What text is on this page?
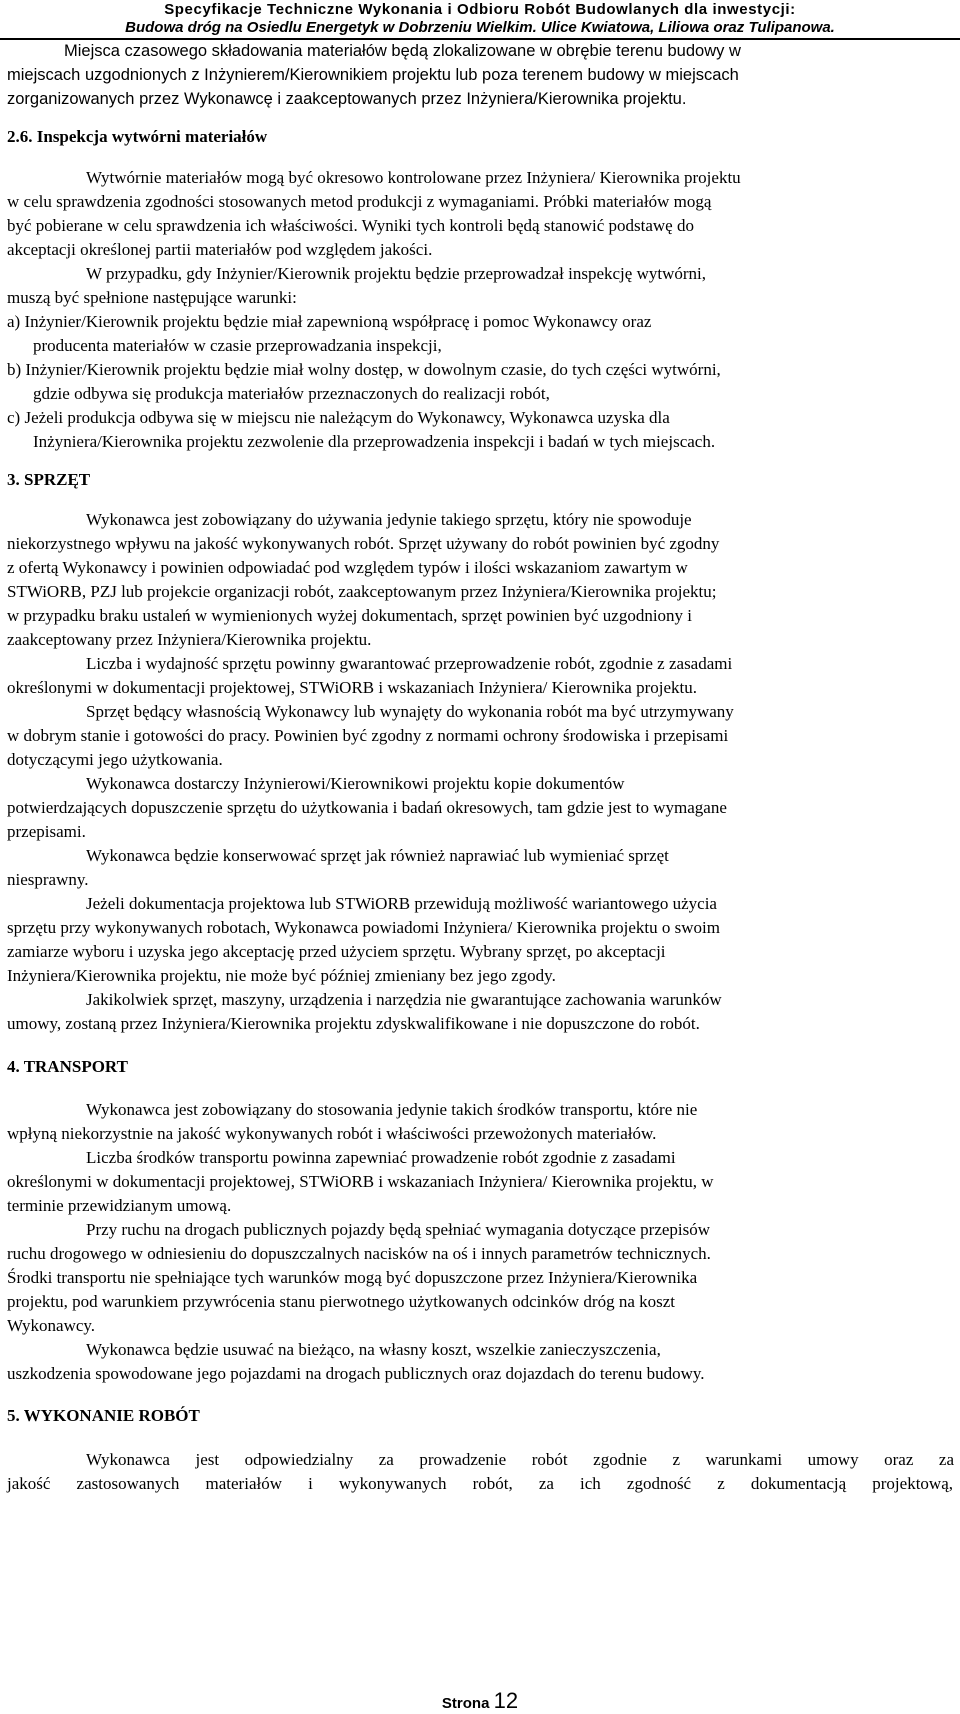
Specyfikacje Techniczne Wykonania i Odbioru Robót Budowlanych dla inwestycji:
Budowa dróg na Osiedlu Energetyk w Dobrzeniu Wielkim. Ulice Kwiatowa, Liliowa oraz Tulipanowa.
Miejsca czasowego składowania materiałów będą zlokalizowane w obrębie terenu budowy w
miejscach uzgodnionych z Inżynierem/Kierownikiem projektu lub poza terenem budowy w miejscach
zorganizowanych przez Wykonawcę i zaakceptowanych przez Inżyniera/Kierownika projektu.
2.6. Inspekcja wytwórni materiałów
Wytwórnie materiałów mogą być okresowo kontrolowane przez Inżyniera/ Kierownika projektu
w celu sprawdzenia zgodności stosowanych metod produkcji z wymaganiami. Próbki materiałów mogą
być pobierane w celu sprawdzenia ich właściwości. Wyniki tych kontroli będą stanowić podstawę do
akceptacji określonej partii materiałów pod względem jakości.
W przypadku, gdy Inżynier/Kierownik projektu będzie przeprowadzał inspekcję wytwórni,
muszą być spełnione następujące warunki:
a) Inżynier/Kierownik projektu będzie miał zapewnioną współpracę i pomoc Wykonawcy oraz
producenta materiałów w czasie przeprowadzania inspekcji,
b) Inżynier/Kierownik projektu będzie miał wolny dostęp, w dowolnym czasie, do tych części wytwórni,
gdzie odbywa się produkcja materiałów przeznaczonych do realizacji robót,
c) Jeżeli produkcja odbywa się w miejscu nie należącym do Wykonawcy, Wykonawca uzyska dla
Inżyniera/Kierownika projektu zezwolenie dla przeprowadzenia inspekcji i badań w tych miejscach.
3. SPRZĘT
Wykonawca jest zobowiązany do używania jedynie takiego sprzętu, który nie spowoduje
niekorzystnego wpływu na jakość wykonywanych robót. Sprzęt używany do robót powinien być zgodny
z ofertą Wykonawcy i powinien odpowiadać pod względem typów i ilości wskazaniom zawartym w
STWiORB, PZJ lub projekcie organizacji robót, zaakceptowanym przez Inżyniera/Kierownika projektu;
w przypadku braku ustaleń w wymienionych wyżej dokumentach, sprzęt powinien być uzgodniony i
zaakceptowany przez Inżyniera/Kierownika projektu.
Liczba i wydajność sprzętu powinny gwarantować przeprowadzenie robót, zgodnie z zasadami
określonymi w dokumentacji projektowej, STWiORB i wskazaniach Inżyniera/ Kierownika projektu.
Sprzęt będący własnością Wykonawcy lub wynajęty do wykonania robót ma być utrzymywany
w dobrym stanie i gotowości do pracy. Powinien być zgodny z normami ochrony środowiska i przepisami
dotyczącymi jego użytkowania.
Wykonawca dostarczy Inżynierowi/Kierownikowi projektu kopie dokumentów
potwierdzających dopuszczenie sprzętu do użytkowania i badań okresowych, tam gdzie jest to wymagane
przepisami.
Wykonawca będzie konserwować sprzęt jak również naprawiać lub wymieniać sprzęt
niesprawny.
Jeżeli dokumentacja projektowa lub STWiORB przewidują możliwość wariantowego użycia
sprzętu przy wykonywanych robotach, Wykonawca powiadomi Inżyniera/ Kierownika projektu o swoim
zamiarze wyboru i uzyska jego akceptację przed użyciem sprzętu. Wybrany sprzęt, po akceptacji
Inżyniera/Kierownika projektu, nie może być później zmieniany bez jego zgody.
Jakikolwiek sprzęt, maszyny, urządzenia i narzędzia nie gwarantujące zachowania warunków
umowy, zostaną przez Inżyniera/Kierownika projektu zdyskwalifikowane i nie dopuszczone do robót.
4. TRANSPORT
Wykonawca jest zobowiązany do stosowania jedynie takich środków transportu, które nie
wpłyną niekorzystnie na jakość wykonywanych robót i właściwości przewożonych materiałów.
Liczba środków transportu powinna zapewniać prowadzenie robót zgodnie z zasadami
określonymi w dokumentacji projektowej, STWiORB i wskazaniach Inżyniera/ Kierownika projektu, w
terminie przewidzianym umową.
Przy ruchu na drogach publicznych pojazdy będą spełniać wymagania dotyczące przepisów
ruchu drogowego w odniesieniu do dopuszczalnych nacisków na oś i innych parametrów technicznych.
Środki transportu nie spełniające tych warunków mogą być dopuszczone przez Inżyniera/Kierownika
projektu, pod warunkiem przywrócenia stanu pierwotnego użytkowanych odcinków dróg na koszt
Wykonawcy.
Wykonawca będzie usuwać na bieżąco, na własny koszt, wszelkie zanieczyszczenia,
uszkodzenia spowodowane jego pojazdami na drogach publicznych oraz dojazdach do terenu budowy.
5. WYKONANIE ROBÓT
Wykonawca jest odpowiedzialny za prowadzenie robót zgodnie z warunkami umowy oraz za
jakość zastosowanych materiałów i wykonywanych robót, za ich zgodność z dokumentacją projektową,
Strona 12
